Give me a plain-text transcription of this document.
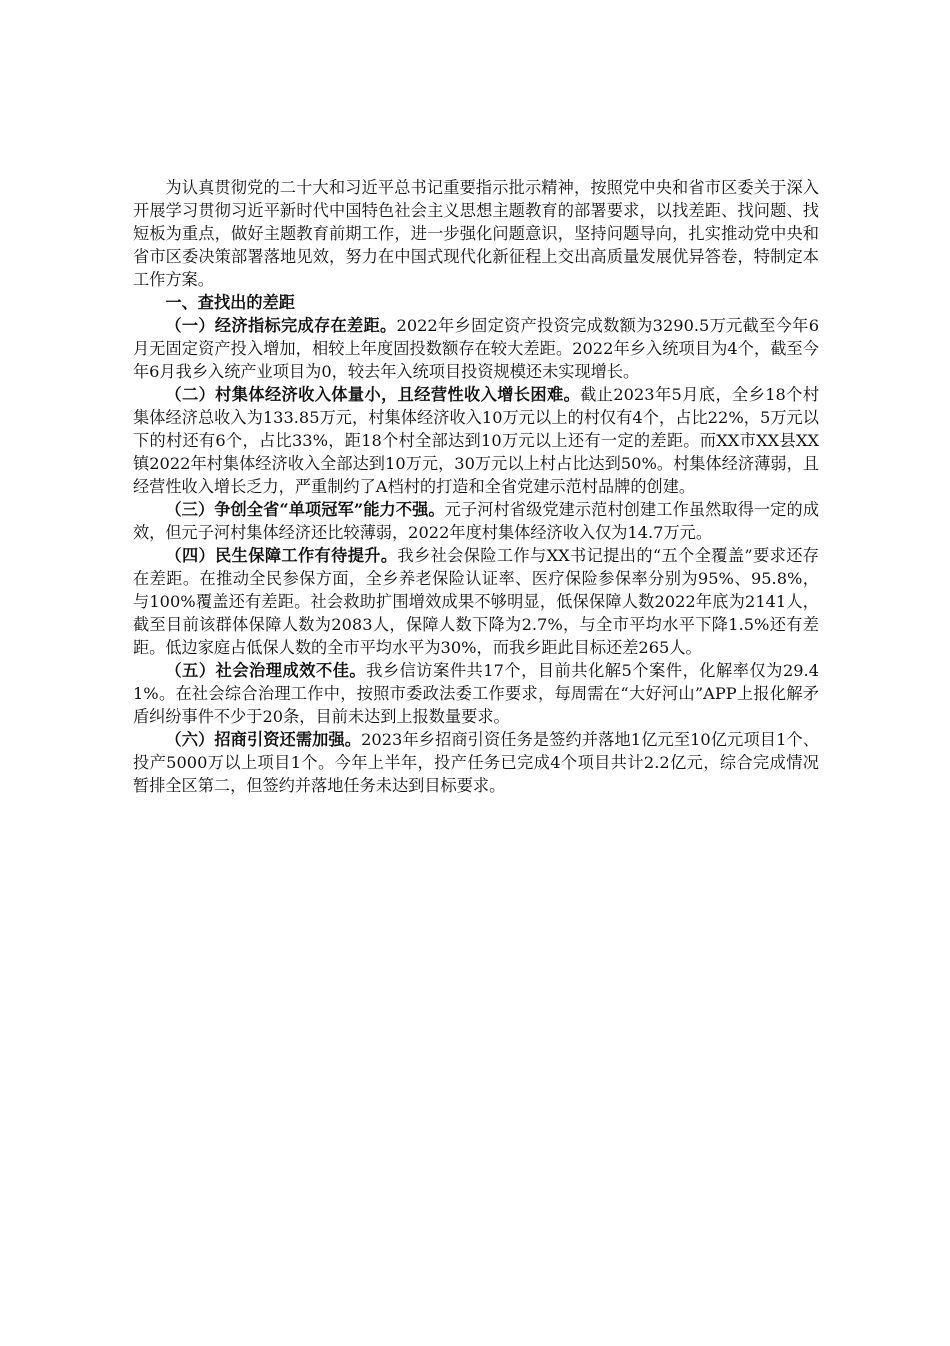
为认真贯彻党的二十大和习近平总书记重要指示批示精神，按照党中央和省市区委关于深入开展学习贯彻习近平新时代中国特色社会主义思想主题教育的部署要求，以找差距、找问题、找短板为重点，做好主题教育前期工作，进一步强化问题意识，坚持问题导向，扎实推动党中央和省市区委决策部署落地见效，努力在中国式现代化新征程上交出高质量发展优异答卷，特制定本工作方案。

一、查找出的差距

（一）经济指标完成存在差距。2022年乡固定资产投资完成数额为3290.5万元截至今年6月无固定资产投入增加，相较上年度固投数额存在较大差距。2022年乡入统项目为4个，截至今年6月我乡入统产业项目为0，较去年入统项目投资规模还未实现增长。

（二）村集体经济收入体量小，且经营性收入增长困难。截止2023年5月底，全乡18个村集体经济总收入为133.85万元，村集体经济收入10万元以上的村仅有4个，占比22%，5万元以下的村还有6个，占比33%，距18个村全部达到10万元以上还有一定的差距。而XX市XX县XX镇2022年村集体经济收入全部达到10万元，30万元以上村占比达到50%。村集体经济薄弱，且经营性收入增长乏力，严重制约了A档村的打造和全省党建示范村品牌的创建。

（三）争创全省“单项冠军”能力不强。元子河村省级党建示范村创建工作虽然取得一定的成效，但元子河村集体经济还比较薄弱，2022年度村集体经济收入仅为14.7万元。

（四）民生保障工作有待提升。我乡社会保险工作与XX书记提出的“五个全覆盖”要求还存在差距。在推动全民参保方面，全乡养老保险认证率、医疗保险参保率分别为95%、95.8%，与100%覆盖还有差距。社会救助扩围增效成果不够明显，低保保障人数2022年底为2141人，截至目前该群体保障人数为2083人，保障人数下降为2.7%，与全市平均水平下降1.5%还有差距。低边家庭占低保人数的全市平均水平为30%，而我乡距此目标还差265人。

（五）社会治理成效不佳。我乡信访案件共17个，目前共化解5个案件，化解率仅为29.41%。在社会综合治理工作中，按照市委政法委工作要求，每周需在“大好河山”APP上报化解矛盾纠纷事件不少于20条，目前未达到上报数量要求。

（六）招商引资还需加强。2023年乡招商引资任务是签约并落地1亿元至10亿元项目1个、投产5000万以上项目1个。今年上半年，投产任务已完成4个项目共计2.2亿元，综合完成情况暂排全区第二，但签约并落地任务未达到目标要求。
